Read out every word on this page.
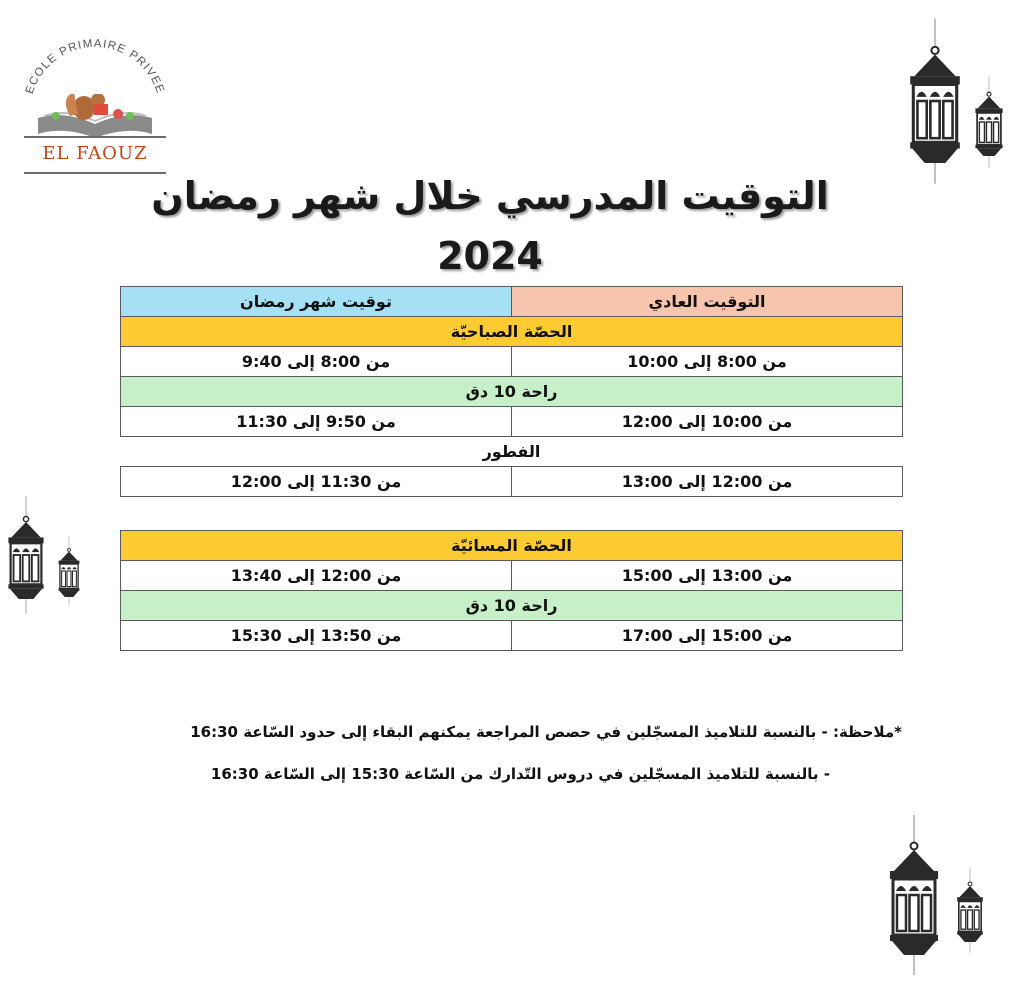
ECOLE PRIMAIRE PRIVEE
EL FAOUZ
التوقيت المدرسي خلال شهر رمضان 2024
التوقيت العادي	توقيت شهر رمضان
الحصّة الصباحيّة	
من 8:00 إلى 10:00	من 8:00 إلى 9:40
راحة 10 دق	
من 10:00 إلى 12:00	من 9:50 إلى 11:30
الفطور	
من 12:00 إلى 13:00	من 11:30 إلى 12:00
الحصّة المسائيّة	
من 13:00 إلى 15:00	من 12:00 إلى 13:40
راحة 10 دق	
من 15:00 إلى 17:00	من 13:50 إلى 15:30
*ملاحظة: - بالنسبة للتلاميذ المسجّلين في حصص المراجعة يمكنهم البقاء إلى حدود السّاعة 16:30
- بالنسبة للتلاميذ المسجّلين في دروس التّدارك من السّاعة 15:30 إلى السّاعة 16:30
